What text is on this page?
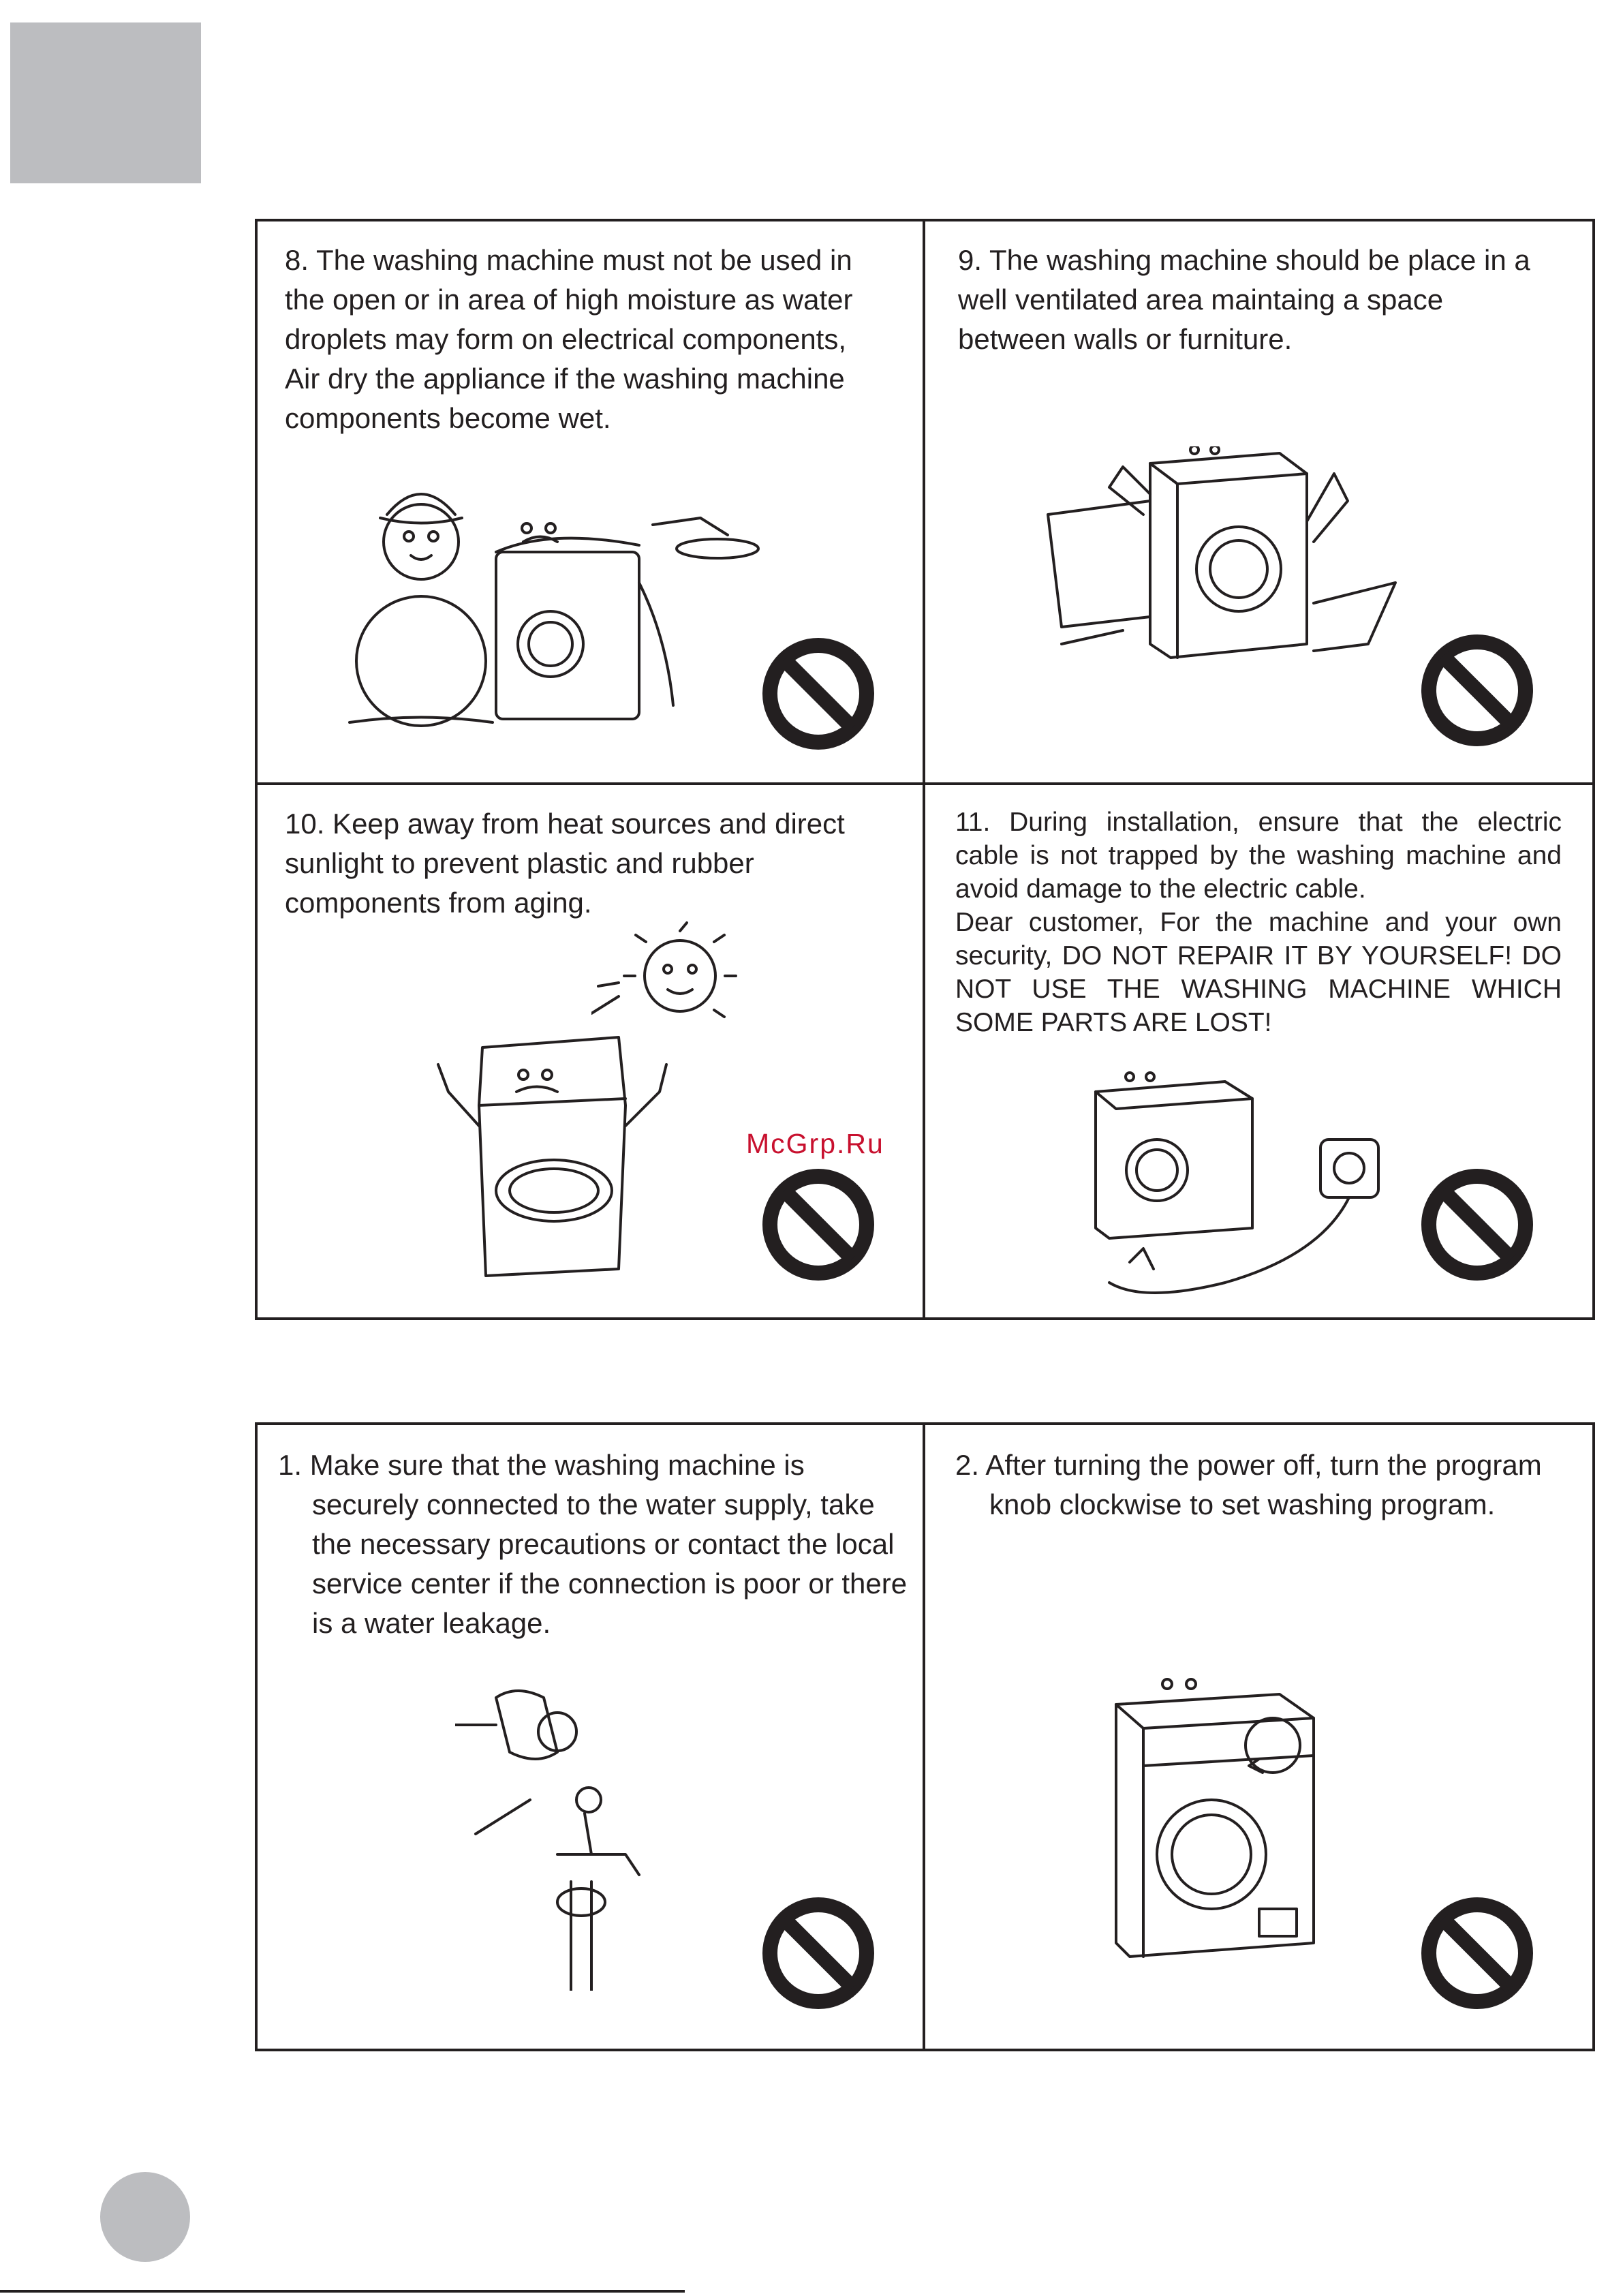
8. The washing machine must not be used in the open or in area of high moisture as water droplets may form on electrical components, Air dry the appliance if the washing machine components become wet.

9. The washing machine should be place in a well ventilated area maintaing a space between walls or furniture.

10. Keep away from heat sources and direct sunlight to prevent plastic and rubber components from aging.

11. During installation, ensure that the electric cable is not trapped by the washing machine and avoid damage to the electric cable.
Dear customer, For the machine and your own security, DO NOT REPAIR IT BY YOURSELF! DO NOT USE THE WASHING MACHINE WHICH SOME PARTS ARE LOST!
McGrp.Ru

1. Make sure that the washing machine is securely connected to the water supply, take the necessary precautions or contact the local service center if the connection is poor or there is a water leakage.

2. After turning the power off, turn the program knob clockwise to set washing program.
